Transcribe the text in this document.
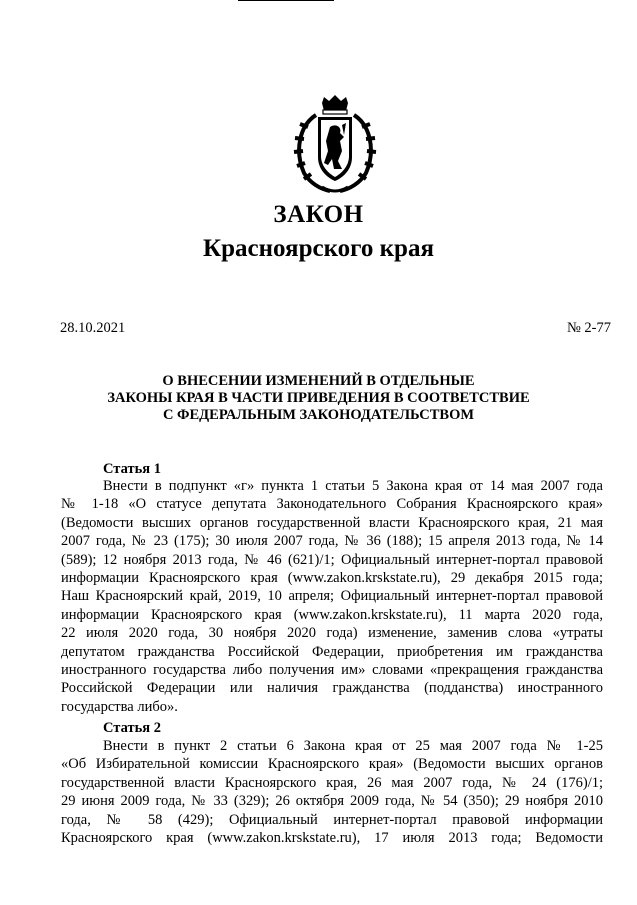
ЗАКОН
Красноярского края
28.10.2021	№ 2-77
О ВНЕСЕНИИ ИЗМЕНЕНИЙ В ОТДЕЛЬНЫЕ
ЗАКОНЫ КРАЯ В ЧАСТИ ПРИВЕДЕНИЯ В СООТВЕТСТВИЕ
С ФЕДЕРАЛЬНЫМ ЗАКОНОДАТЕЛЬСТВОМ
Статья 1
Внести в подпункт «г» пункта 1 статьи 5 Закона края от 14 мая 2007 года
№ 1-18 «О статусе депутата Законодательного Собрания Красноярского края»
(Ведомости высших органов государственной власти Красноярского края, 21 мая
2007 года, № 23 (175); 30 июля 2007 года, № 36 (188); 15 апреля 2013 года, № 14
(589); 12 ноября 2013 года, № 46 (621)/1; Официальный интернет-портал правовой
информации Красноярского края (www.zakon.krskstate.ru), 29 декабря 2015 года;
Наш Красноярский край, 2019, 10 апреля; Официальный интернет-портал правовой
информации Красноярского края (www.zakon.krskstate.ru), 11 марта 2020 года,
22 июля 2020 года, 30 ноября 2020 года) изменение, заменив слова «утраты
депутатом гражданства Российской Федерации, приобретения им гражданства
иностранного государства либо получения им» словами «прекращения гражданства
Российской Федерации или наличия гражданства (подданства) иностранного
государства либо».
Статья 2
Внести в пункт 2 статьи 6 Закона края от 25 мая 2007 года № 1-25
«Об Избирательной комиссии Красноярского края» (Ведомости высших органов
государственной власти Красноярского края, 26 мая 2007 года, № 24 (176)/1;
29 июня 2009 года, № 33 (329); 26 октября 2009 года, № 54 (350); 29 ноября 2010
года, № 58 (429); Официальный интернет-портал правовой информации
Красноярского края (www.zakon.krskstate.ru), 17 июля 2013 года; Ведомости
